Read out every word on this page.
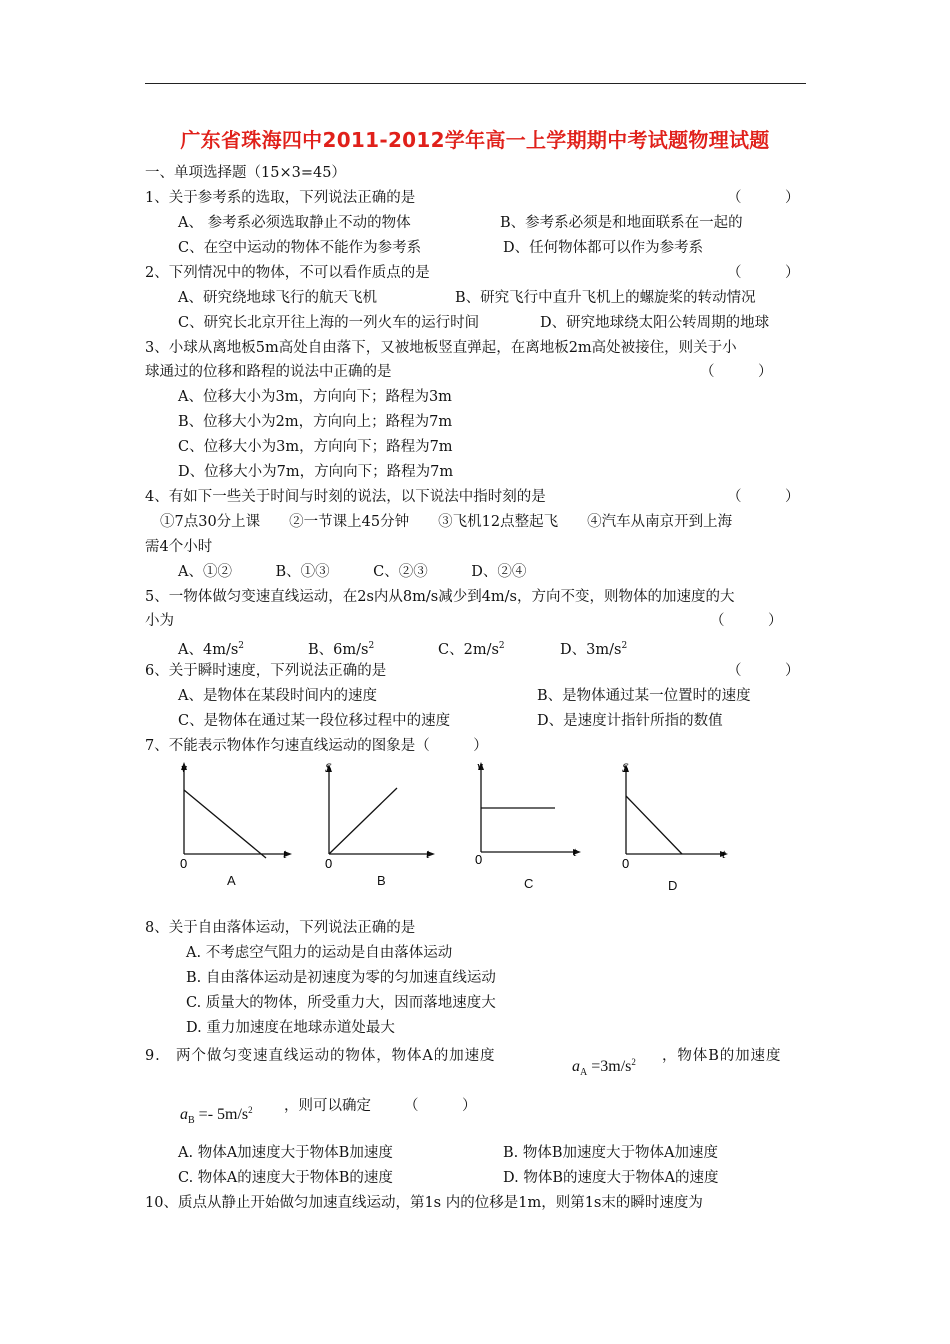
广东省珠海四中2011-2012学年高一上学期期中考试题物理试题
一、单项选择题（15×3=45）
1、关于参考系的选取，下列说法正确的是	（　　　）
A、 参考系必须选取静止不动的物体	B、参考系必须是和地面联系在一起的
C、在空中运动的物体不能作为参考系	D、任何物体都可以作为参考系
2、下列情况中的物体，不可以看作质点的是	（　　　）
A、研究绕地球飞行的航天飞机	B、研究飞行中直升飞机上的螺旋桨的转动情况
C、研究长北京开往上海的一列火车的运行时间	D、研究地球绕太阳公转周期的地球
3、小球从离地板5m高处自由落下，又被地板竖直弹起，在离地板2m高处被接住，则关于小
球通过的位移和路程的说法中正确的是	（　　　）
A、位移大小为3m，方向向下；路程为3m
B、位移大小为2m，方向向上；路程为7m
C、位移大小为3m，方向向下；路程为7m
D、位移大小为7m，方向向下；路程为7m
4、有如下一些关于时间与时刻的说法，以下说法中指时刻的是	（　　　）
①7点30分上课　　②一节课上45分钟　　③飞机12点整起飞　　④汽车从南京开到上海
需4个小时
A、①②　　　B、①③　　　C、②③　　　D、②④
5、一物体做匀变速直线运动，在2s内从8m/s减少到4m/s，方向不变，则物体的加速度的大
小为	（　　　）
A、$4m/s^2$	B、$6m/s^2$	C、$2m/s^2$	D、$3m/s^2$
6、关于瞬时速度，下列说法正确的是	（　　　）
A、是物体在某段时间内的速度	B、是物体通过某一位置时的速度
C、是物体在通过某一段位移过程中的速度	D、是速度计指针所指的数值
7、不能表示物体作匀速直线运动的图象是（　　　）
v
t
0
A
S
t
0
B
v
t
0
C
S
t
0
D
8、关于自由落体运动，下列说法正确的是
A. 不考虑空气阻力的运动是自由落体运动
B. 自由落体运动是初速度为零的匀加速直线运动
C. 质量大的物体，所受重力大，因而落地速度大
D. 重力加速度在地球赤道处最大
9.　两个做匀变速直线运动的物体，物体A的加速度
$a_A =3m/s^2$ ，物体B的加速度
$a_B =- 5m/s^2$ ，则可以确定 （　　　）
A. 物体A加速度大于物体B加速度	B. 物体B加速度大于物体A加速度
C. 物体A的速度大于物体B的速度	D. 物体B的速度大于物体A的速度
10、质点从静止开始做匀加速直线运动，第1s 内的位移是1m，则第1s末的瞬时速度为
